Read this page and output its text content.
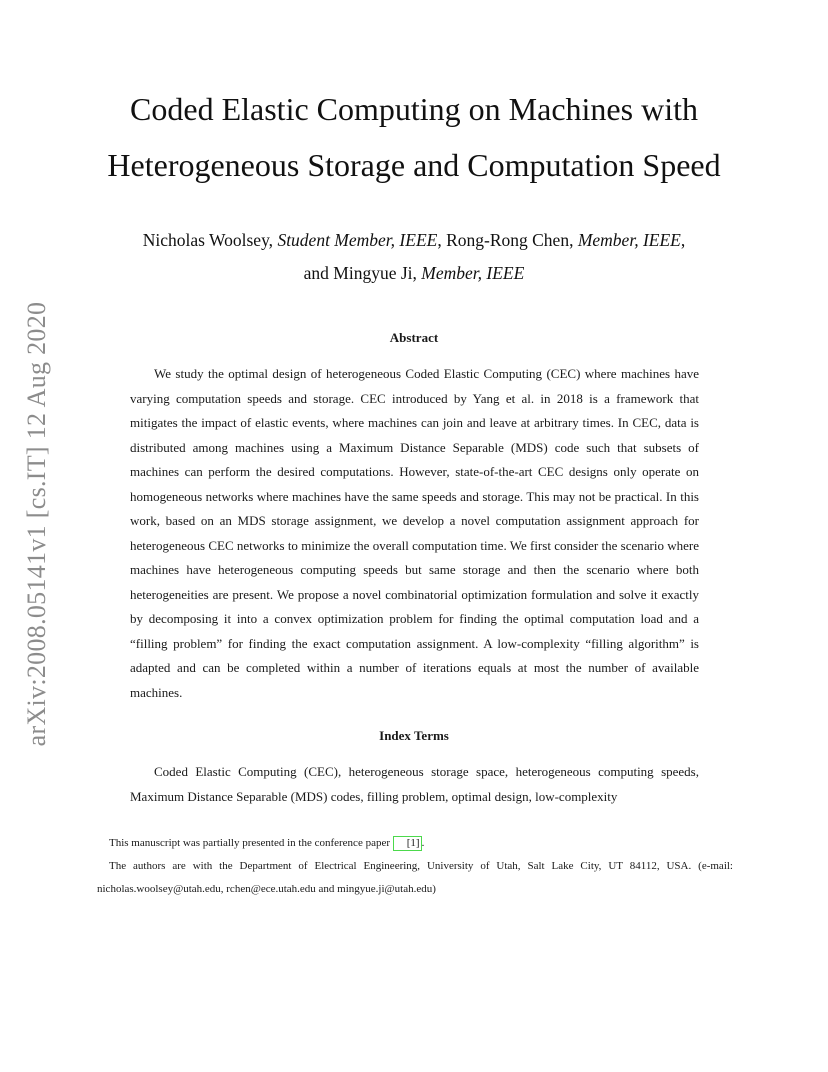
arXiv:2008.05141v1 [cs.IT] 12 Aug 2020
Coded Elastic Computing on Machines with
Heterogeneous Storage and Computation Speed
Nicholas Woolsey, Student Member, IEEE, Rong-Rong Chen, Member, IEEE,
and Mingyue Ji, Member, IEEE
Abstract

We study the optimal design of heterogeneous Coded Elastic Computing (CEC) where machines have varying computation speeds and storage. CEC introduced by Yang et al. in 2018 is a framework that mitigates the impact of elastic events, where machines can join and leave at arbitrary times. In CEC, data is distributed among machines using a Maximum Distance Separable (MDS) code such that subsets of machines can perform the desired computations. However, state-of-the-art CEC designs only operate on homogeneous networks where machines have the same speeds and storage. This may not be practical. In this work, based on an MDS storage assignment, we develop a novel computation assignment approach for heterogeneous CEC networks to minimize the overall computation time. We first consider the scenario where machines have heterogeneous computing speeds but same storage and then the scenario where both heterogeneities are present. We propose a novel combinatorial optimization formulation and solve it exactly by decomposing it into a convex optimization problem for finding the optimal computation load and a “filling problem” for finding the exact computation assignment. A low-complexity “filling algorithm” is adapted and can be completed within a number of iterations equals at most the number of available machines.

Index Terms

Coded Elastic Computing (CEC), heterogeneous storage space, heterogeneous computing speeds, Maximum Distance Separable (MDS) codes, filling problem, optimal design, low-complexity

This manuscript was partially presented in the conference paper [1] .

The authors are with the Department of Electrical Engineering, University of Utah, Salt Lake City, UT 84112, USA. (e-mail: nicholas.woolsey@utah.edu, rchen@ece.utah.edu and mingyue.ji@utah.edu)
